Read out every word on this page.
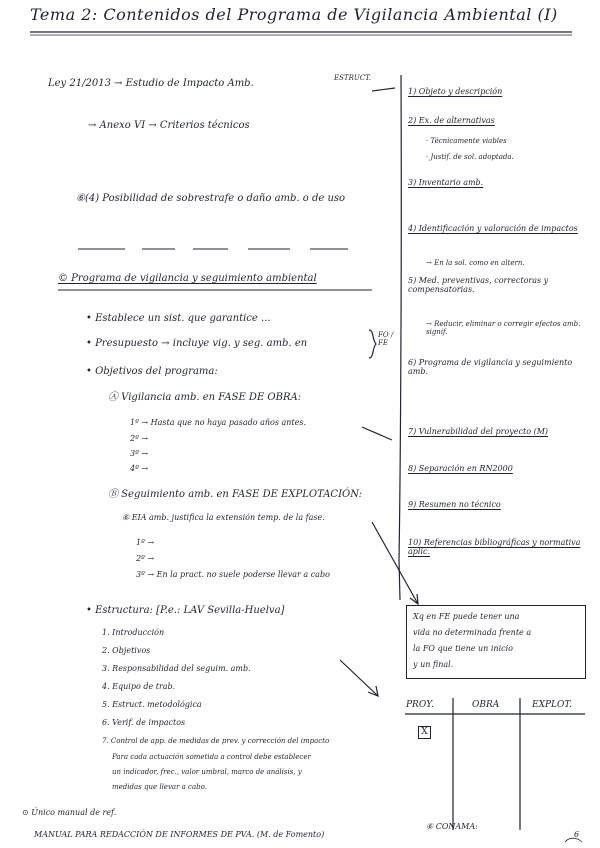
Tema 2: Contenidos del Programa de Vigilancia Ambiental (I)
Ley 21/2013 → Estudio de Impacto Amb.	ESTRUCT.
→ Anexo VI → Criterios técnicos
⑥(4) Posibilidad de sobrestrafe o daño amb. o de uso
© Programa de vigilancia y seguimiento ambiental
• Establece un sist. que garantice ...
• Presupuesto → incluye vig. y seg. amb. en
FO / FE
• Objetivos del programa:
Ⓐ Vigilancia amb. en FASE DE OBRA:
1º → Hasta que no haya pasado años antes.
2º →
3º →
4º →
Ⓑ Seguimiento amb. en FASE DE EXPLOTACIÓN:
⑥ EIA amb. justifica la extensión temp. de la fase.
1º →
2º →
3º → En la pract. no suele poderse llevar a cabo
• Estructura: [P.e.: LAV Sevilla-Huelva]
1. Introducción
2. Objetivos
3. Responsabilidad del seguim. amb.
4. Equipo de trab.
5. Estruct. metodológica
6. Verif. de impactos
7. Control de app. de medidas de prev. y corrección del impacto
Para cada actuación sometida a control debe establecer
un indicador, frec., valor umbral, marco de análisis, y
medidas que llevar a cabo.
⊙ Único manual de ref.
MANUAL PARA REDACCIÓN DE INFORMES DE PVA. (M. de Fomento)
1) Objeto y descripción
2) Ex. de alternativas
· Técnicamente viables
· Justif. de sol. adoptada.
3) Inventario amb.
4) Identificación y valoración de impactos
→ En la sol. como en altern.
5) Med. preventivas, correctoras y compensatorias.
→ Reducir, eliminar o corregir efectos amb. signif.
6) Programa de vigilancia y seguimiento amb.
7) Vulnerabilidad del proyecto (M)
8) Separación en RN2000
9) Resumen no técnico
10) Referencias bibliográficas y normativa aplic.
Xq en FE puede tener una
vida no determinada frente a
la FO que tiene un inicio
y un final.
PROY.	OBRA	EXPLOT.
X
⑥ CONAMA:
6
